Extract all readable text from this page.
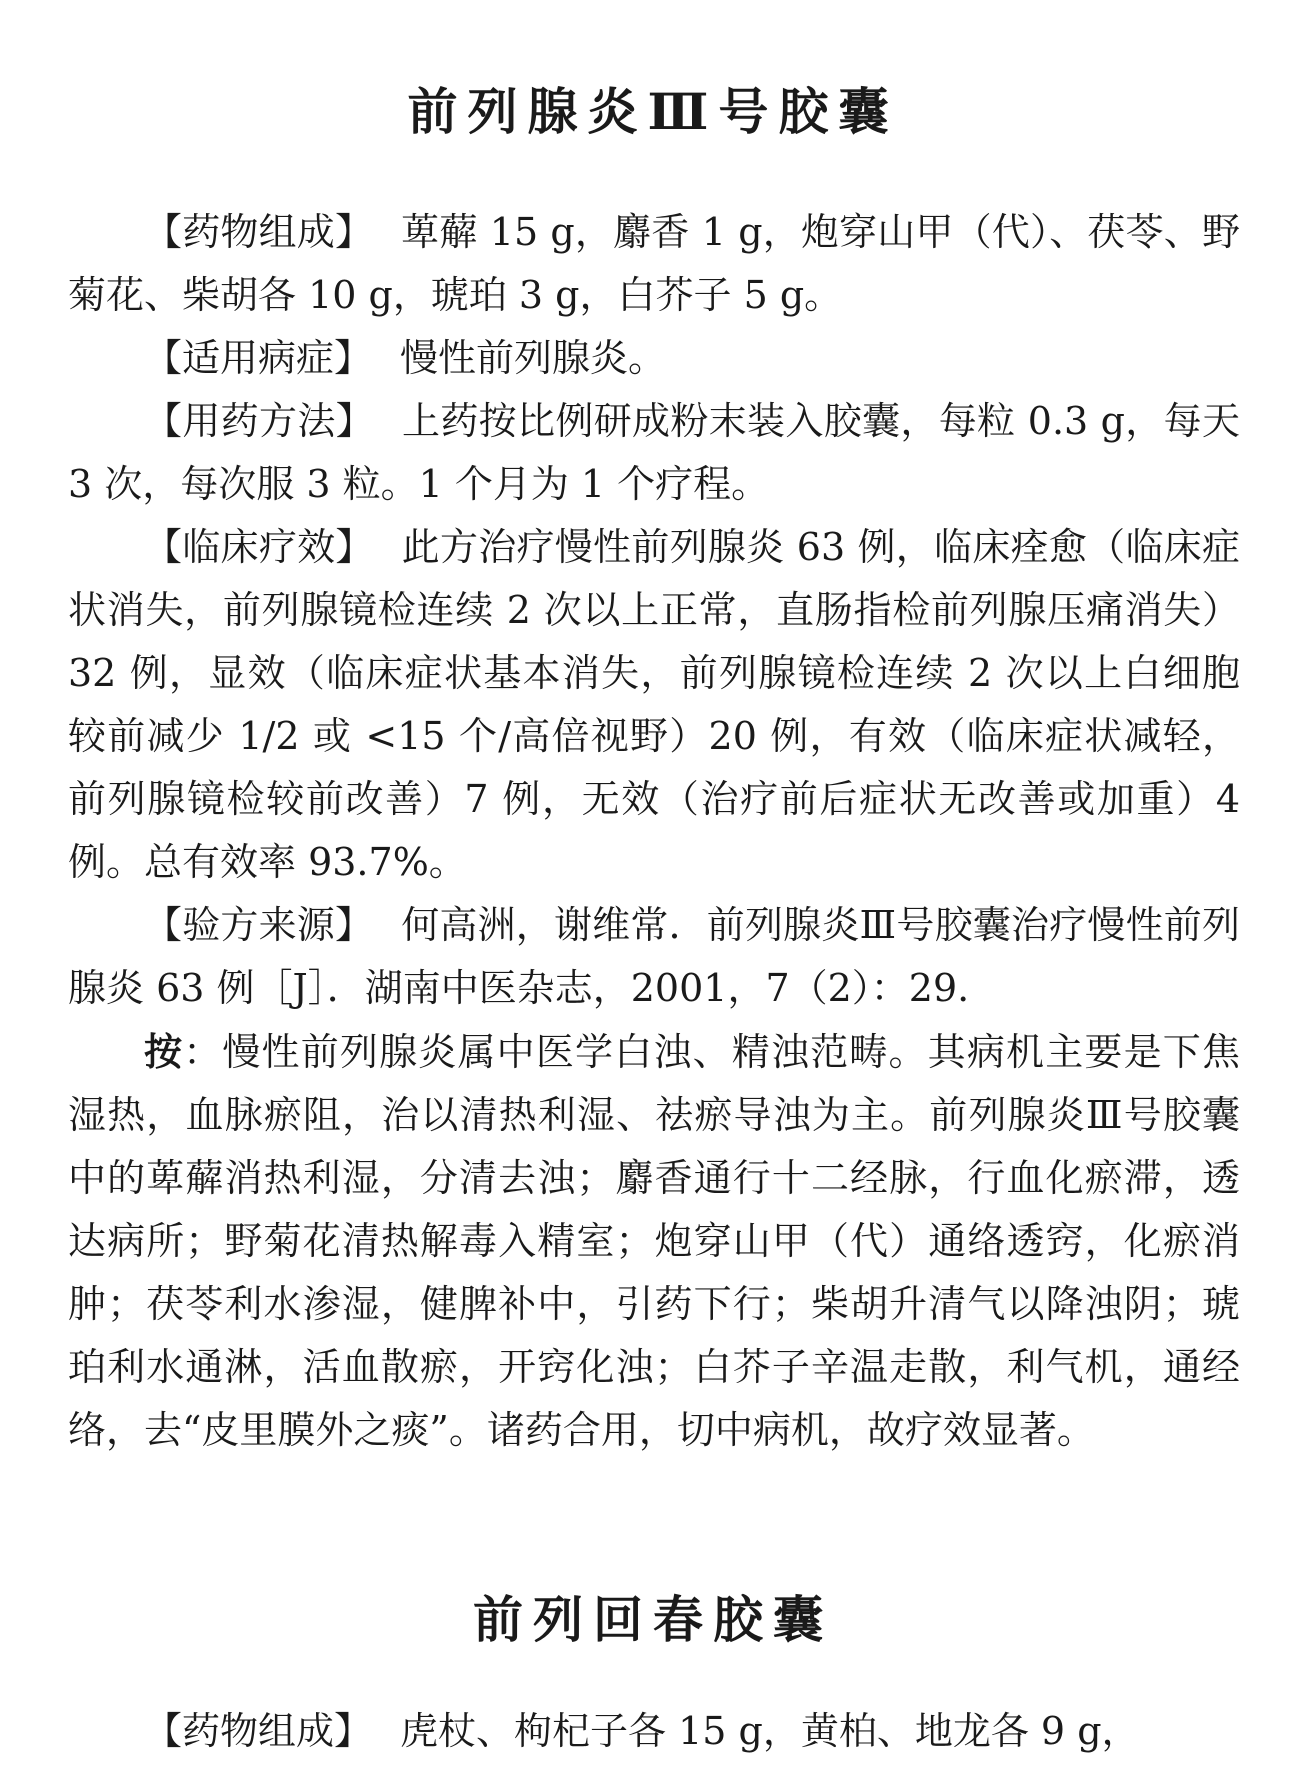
前列腺炎Ⅲ号胶囊

【药物组成】 萆薢 15 g，麝香 1 g，炮穿山甲（代）、茯苓、野菊花、柴胡各 10 g，琥珀 3 g，白芥子 5 g。

【适用病症】 慢性前列腺炎。

【用药方法】 上药按比例研成粉末装入胶囊，每粒 0.3 g，每天 3 次，每次服 3 粒。1 个月为 1 个疗程。

【临床疗效】 此方治疗慢性前列腺炎 63 例，临床痊愈（临床症状消失，前列腺镜检连续 2 次以上正常，直肠指检前列腺压痛消失）32 例，显效（临床症状基本消失，前列腺镜检连续 2 次以上白细胞较前减少 1/2 或 <15 个/高倍视野）20 例，有效（临床症状减轻，前列腺镜检较前改善）7 例，无效（治疗前后症状无改善或加重）4 例。总有效率 93.7%。

【验方来源】 何高洲，谢维常．前列腺炎Ⅲ号胶囊治疗慢性前列腺炎 63 例［J］．湖南中医杂志，2001，7（2）：29.

按：慢性前列腺炎属中医学白浊、精浊范畴。其病机主要是下焦湿热，血脉瘀阻，治以清热利湿、祛瘀导浊为主。前列腺炎Ⅲ号胶囊中的萆薢消热利湿，分清去浊；麝香通行十二经脉，行血化瘀滞，透达病所；野菊花清热解毒入精室；炮穿山甲（代）通络透窍，化瘀消肿；茯苓利水渗湿，健脾补中，引药下行；柴胡升清气以降浊阴；琥珀利水通淋，活血散瘀，开窍化浊；白芥子辛温走散，利气机，通经络，去“皮里膜外之痰”。诸药合用，切中病机，故疗效显著。

前列回春胶囊

【药物组成】 虎杖、枸杞子各 15 g，黄柏、地龙各 9 g，
